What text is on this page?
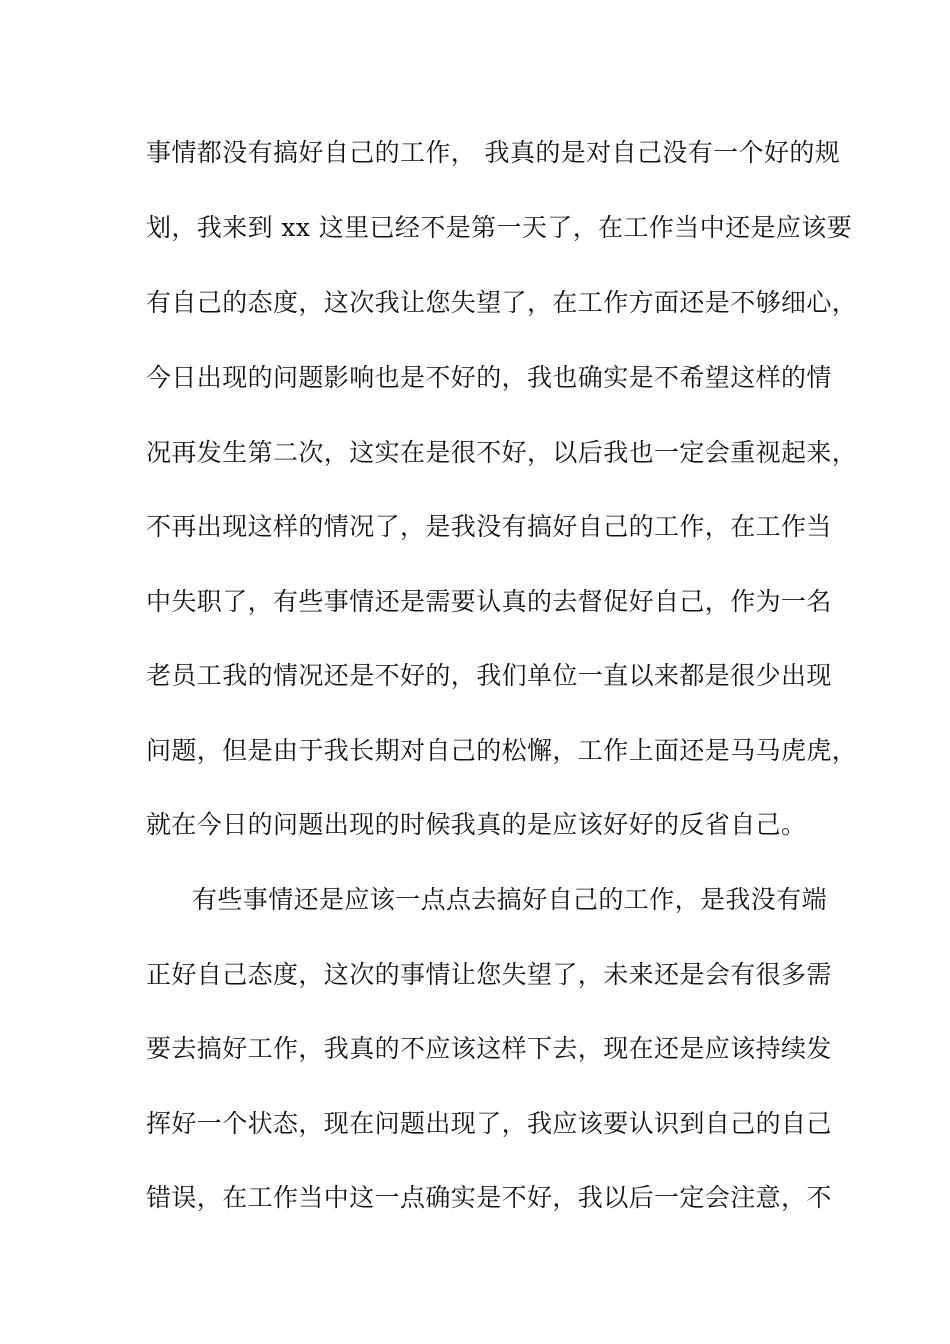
事情都没有搞好自己的工作， 我真的是对自己没有一个好的规
划，我来到 xx 这里已经不是第一天了，在工作当中还是应该要
有自己的态度，这次我让您失望了，在工作方面还是不够细心，
今日出现的问题影响也是不好的，我也确实是不希望这样的情
况再发生第二次，这实在是很不好，以后我也一定会重视起来，
不再出现这样的情况了，是我没有搞好自己的工作，在工作当
中失职了，有些事情还是需要认真的去督促好自己，作为一名
老员工我的情况还是不好的，我们单位一直以来都是很少出现
问题，但是由于我长期对自己的松懈，工作上面还是马马虎虎，
就在今日的问题出现的时候我真的是应该好好的反省自己。
有些事情还是应该一点点去搞好自己的工作，是我没有端
正好自己态度，这次的事情让您失望了，未来还是会有很多需
要去搞好工作，我真的不应该这样下去，现在还是应该持续发
挥好一个状态，现在问题出现了，我应该要认识到自己的自己
错误，在工作当中这一点确实是不好，我以后一定会注意，不
